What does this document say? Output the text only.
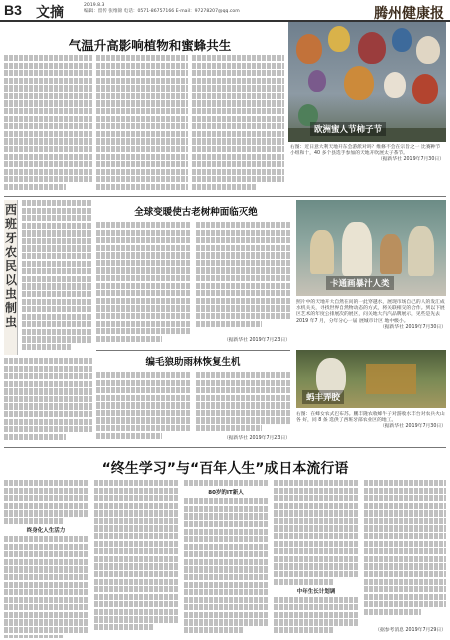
B3 文摘	2019.8.3
编辑：留传 张维锦 电话：0571-86757166 E-mail：97278207@qq.com	腾州健康报
气温升高影响植物和蜜蜂共生
欧洲蜜人节柿子节
右图：近日意大利天地开东会游派对吗？维修不会在宗旨之一 比赛种节小组和十，40 多个县选手参加的天地开吹展太子茶节。
（据新华社 2019年7月30日）
西班牙农民以虫制虫
全球变暖使古老树种面临灭绝
（据新华社 2019年7月23日）
编毛狼助雨林恢复生机
（据新华社 2019年7月23日）
卡通画暴汁人类
照片中的天地开大自然在问的一此穿越水，展现市场自己的人的发汇成水机关关，寻找世界自然物动态的方式，将关联相交的合作。到以下展区艺术的年度公排展次的展区，问关地大汽汽品牌展示，见些是先去 2019 年7 月，分年分心一届 展城市计区 地中级小。
（据新华社 2019年7月30日）
蚂丰弄胶
右图：在蜂女农式巴布苏。鹏丰隆农收蜂牛子对游收水丰台对农兵火山各 好，同 8 条 选供了西班牙部农业区的地工。
（据新华社 2019年7月30日）
“终生学习”与“百年人生”成日本流行语
终身化人生活力
80岁的IT新人
中年生长计划调
（据参考消息 2019年7月29日）
